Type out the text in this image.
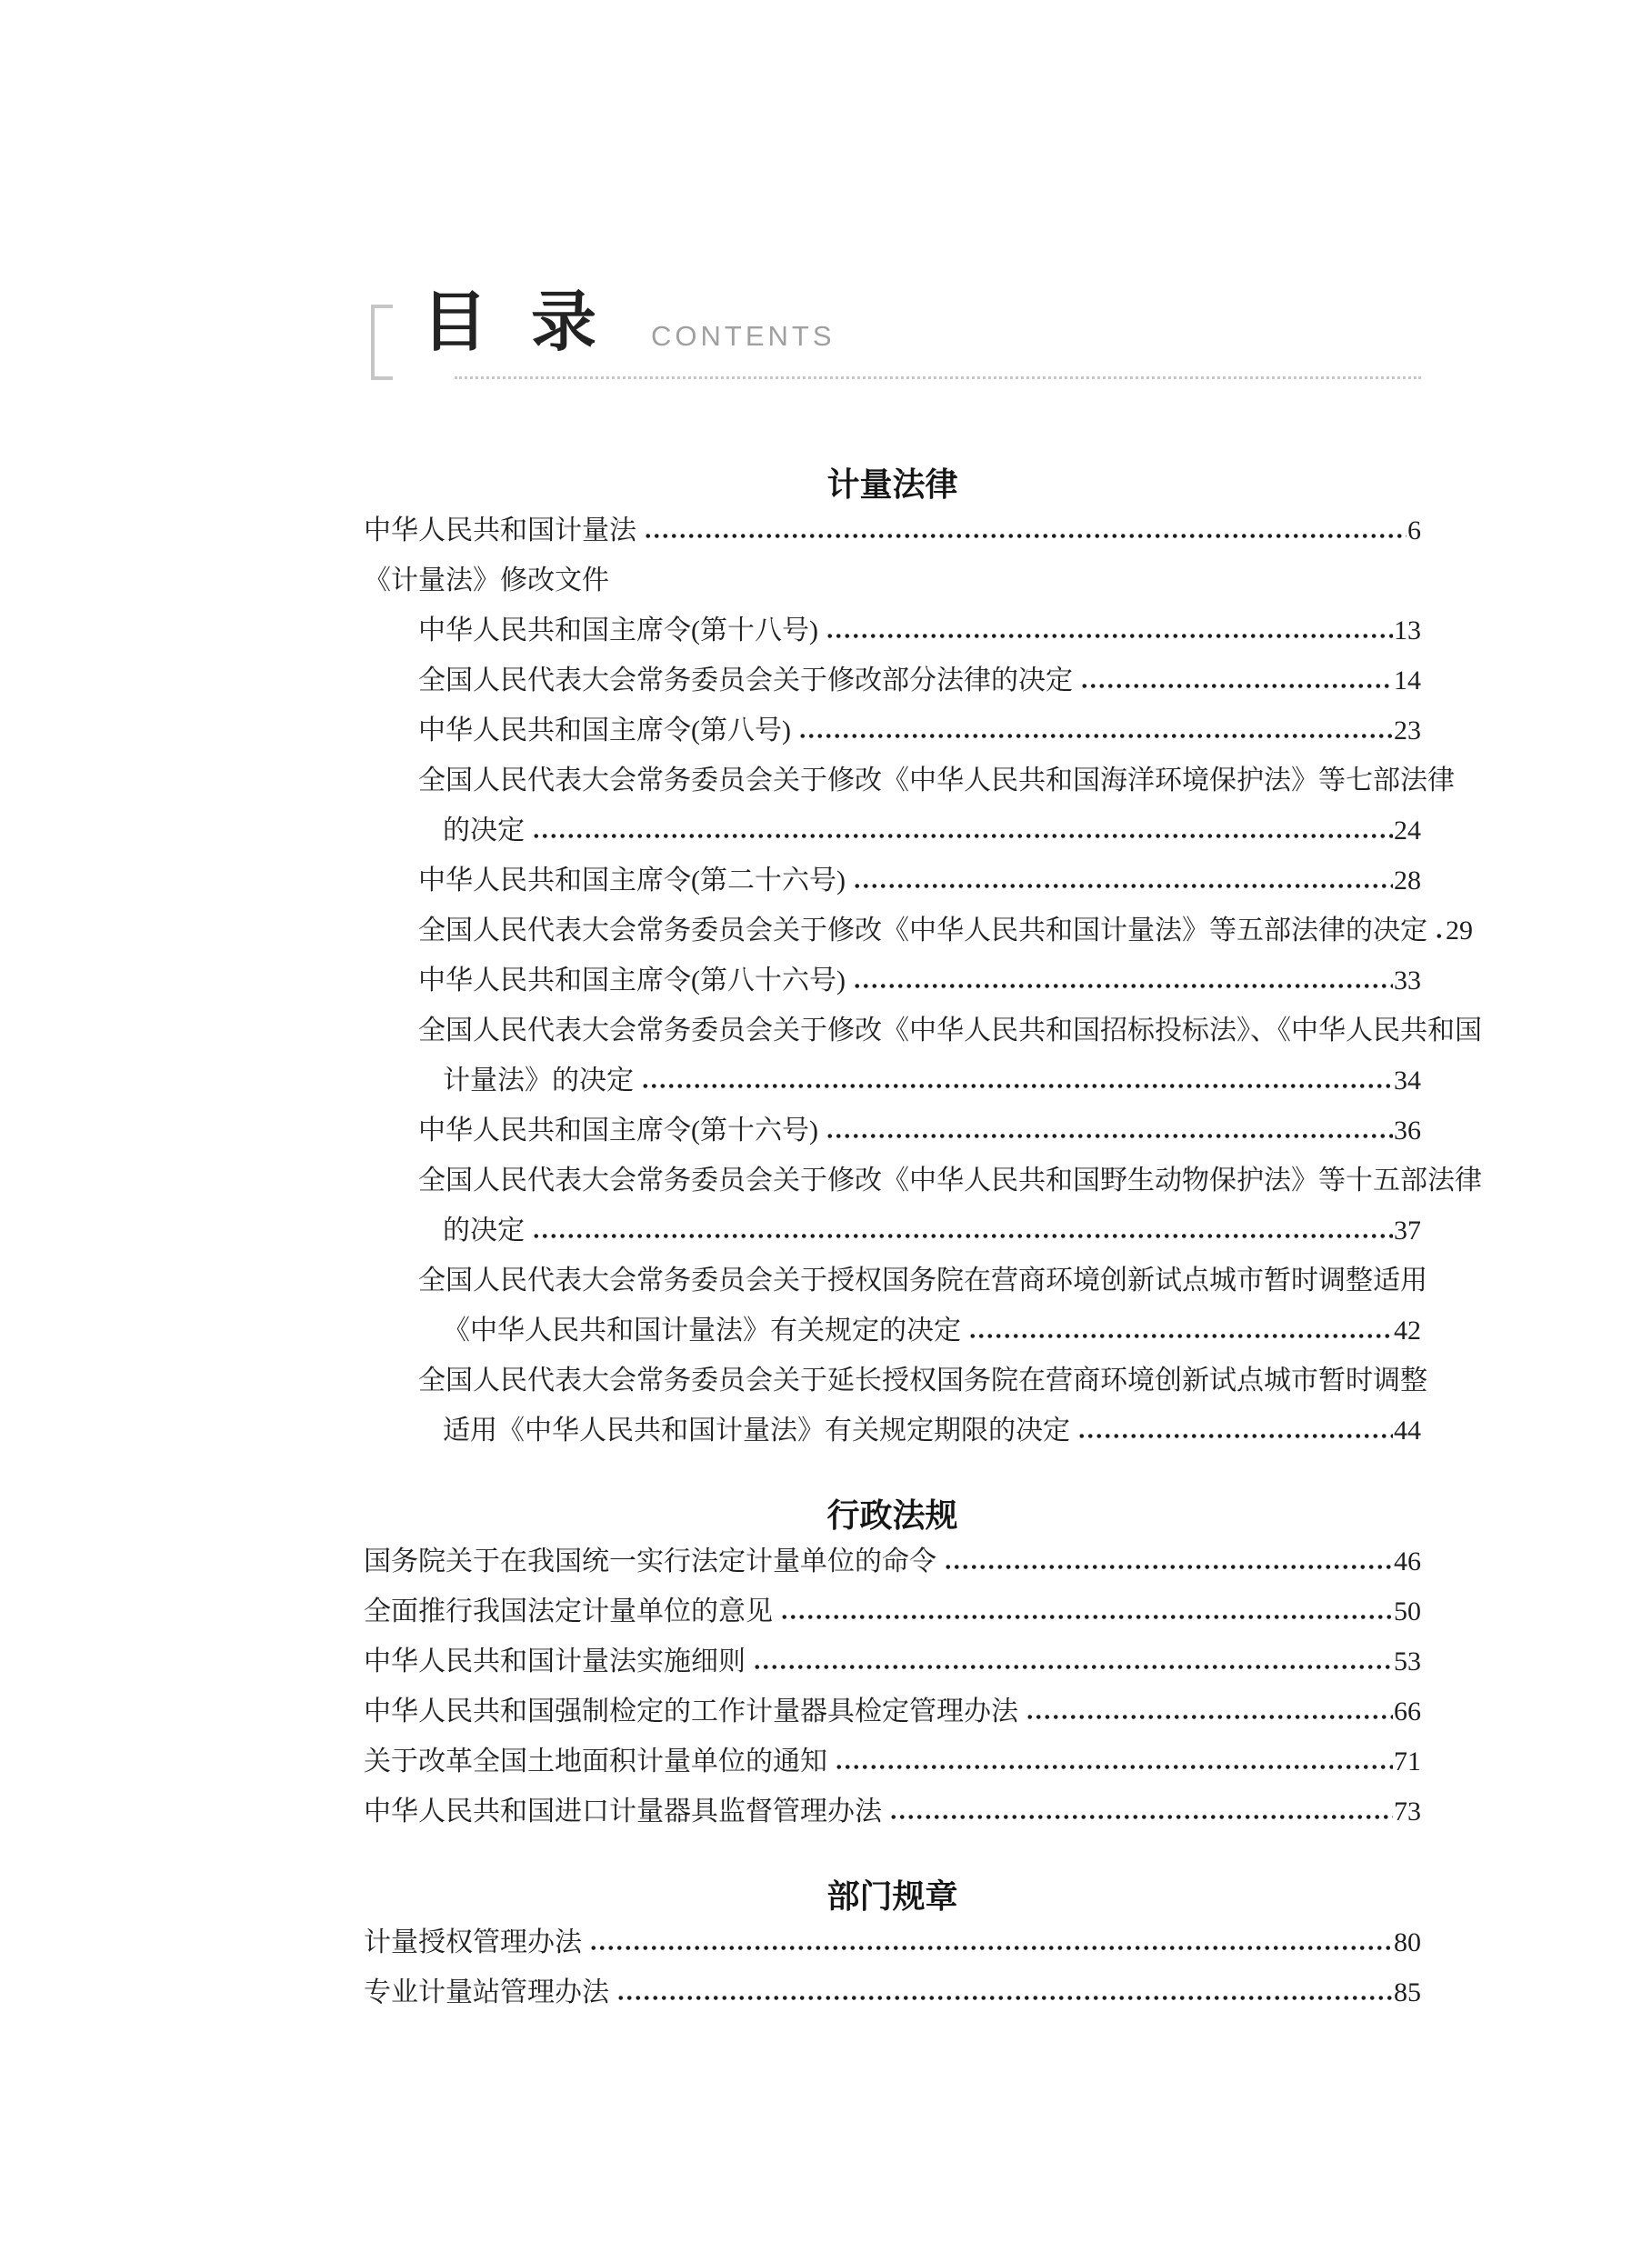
目 录 CONTENTS
计量法律
中华人民共和国计量法	6
《计量法》修改文件
中华人民共和国主席令(第十八号)	13
全国人民代表大会常务委员会关于修改部分法律的决定	14
中华人民共和国主席令(第八号)	23
全国人民代表大会常务委员会关于修改《中华人民共和国海洋环境保护法》等七部法律
的决定	24
中华人民共和国主席令(第二十六号)	28
全国人民代表大会常务委员会关于修改《中华人民共和国计量法》等五部法律的决定 29
中华人民共和国主席令(第八十六号)	33
全国人民代表大会常务委员会关于修改《中华人民共和国招标投标法》、《中华人民共和国
计量法》的决定	34
中华人民共和国主席令(第十六号)	36
全国人民代表大会常务委员会关于修改《中华人民共和国野生动物保护法》等十五部法律
的决定	37
全国人民代表大会常务委员会关于授权国务院在营商环境创新试点城市暂时调整适用
《中华人民共和国计量法》有关规定的决定	42
全国人民代表大会常务委员会关于延长授权国务院在营商环境创新试点城市暂时调整
适用《中华人民共和国计量法》有关规定期限的决定	44
行政法规
国务院关于在我国统一实行法定计量单位的命令	46
全面推行我国法定计量单位的意见	50
中华人民共和国计量法实施细则	53
中华人民共和国强制检定的工作计量器具检定管理办法	66
关于改革全国土地面积计量单位的通知	71
中华人民共和国进口计量器具监督管理办法	73
部门规章
计量授权管理办法	80
专业计量站管理办法	85
